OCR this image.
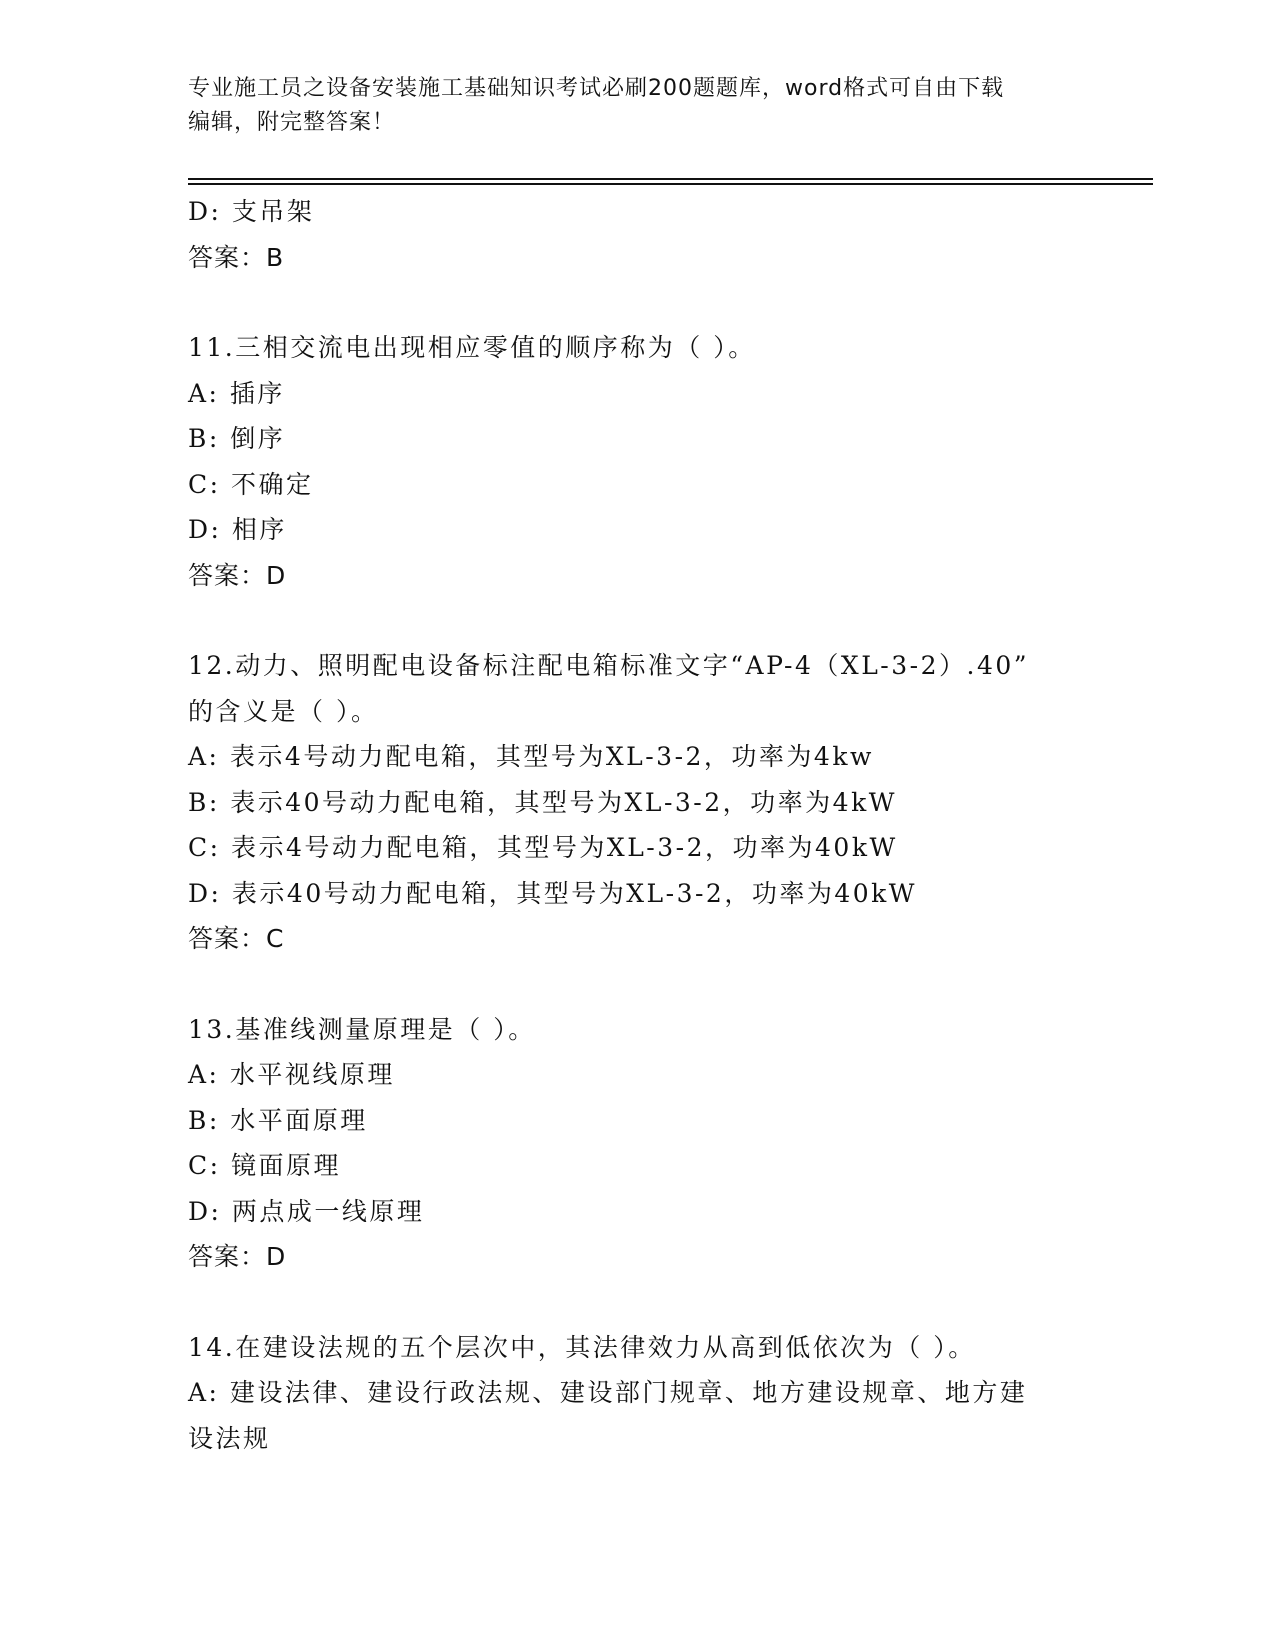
专业施工员之设备安装施工基础知识考试必刷200题题库，word格式可自由下载
编辑，附完整答案！
D: 支吊架
答案：B
11.三相交流电出现相应零值的顺序称为（ ）。
A: 插序
B: 倒序
C: 不确定
D: 相序
答案：D
12.动力、照明配电设备标注配电箱标准文字“AP-4（XL-3-2）.40”
的含义是（ ）。
A: 表示4号动力配电箱，其型号为XL-3-2，功率为4kw
B: 表示40号动力配电箱，其型号为XL-3-2，功率为4kW
C: 表示4号动力配电箱，其型号为XL-3-2，功率为40kW
D: 表示40号动力配电箱，其型号为XL-3-2，功率为40kW
答案：C
13.基准线测量原理是（ ）。
A: 水平视线原理
B: 水平面原理
C: 镜面原理
D: 两点成一线原理
答案：D
14.在建设法规的五个层次中，其法律效力从高到低依次为（ ）。
A: 建设法律、建设行政法规、建设部门规章、地方建设规章、地方建
设法规
